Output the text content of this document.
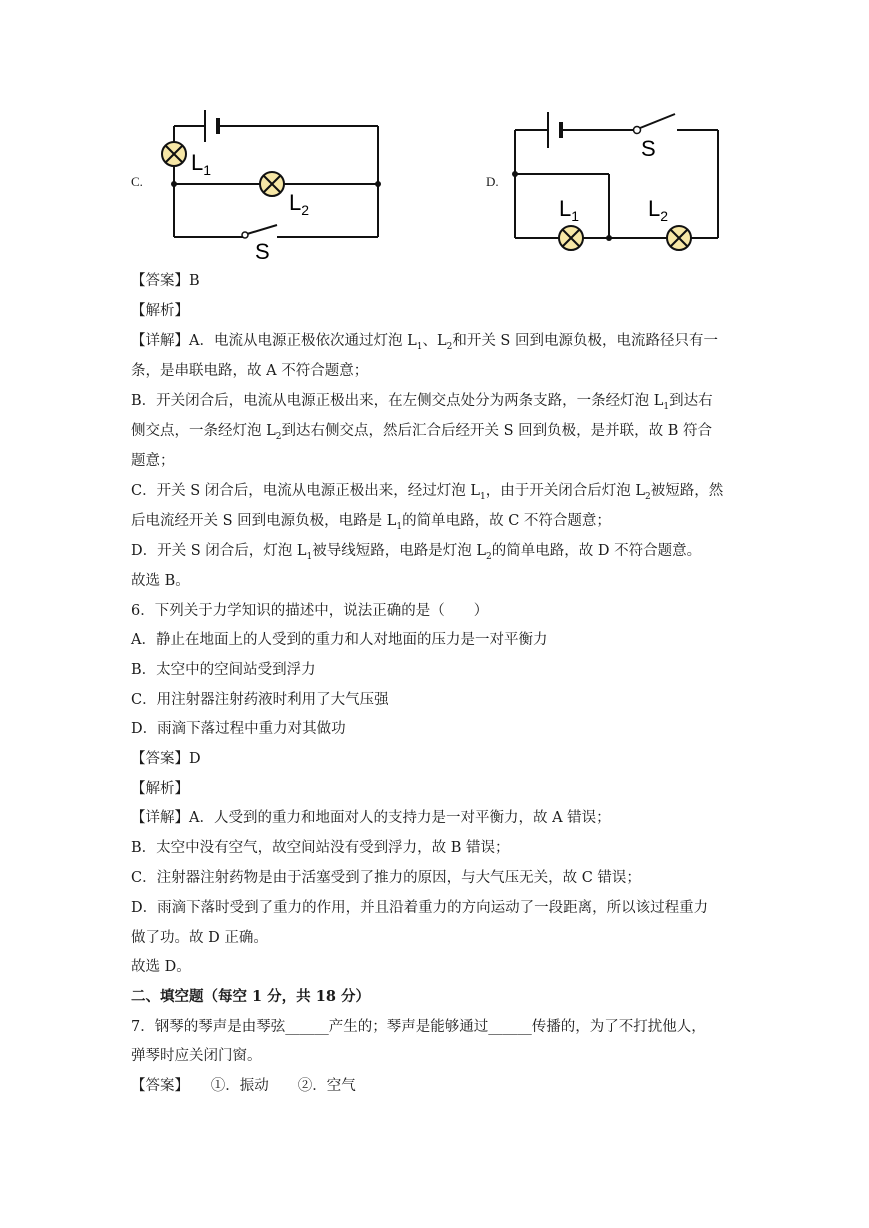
C.
$L_1$
$L_2$
S
D.
S
$L_1$	$L_2$
【答案】B
【解析】
【详解】A．电流从电源正极依次通过灯泡 $L_1$、$L_2$和开关 S 回到电源负极，电流路径只有一
条，是串联电路，故 A 不符合题意；
B．开关闭合后，电流从电源正极出来，在左侧交点处分为两条支路，一条经灯泡 $L_1$到达右
侧交点，一条经灯泡 $L_2$到达右侧交点，然后汇合后经开关 S 回到负极，是并联，故 B 符合
题意；
C．开关 S 闭合后，电流从电源正极出来，经过灯泡 $L_1$，由于开关闭合后灯泡 $L_2$被短路，然
后电流经开关 S 回到电源负极，电路是 $L_1$的简单电路，故 C 不符合题意；
D．开关 S 闭合后，灯泡 $L_1$被导线短路，电路是灯泡 $L_2$的简单电路，故 D 不符合题意。
故选 B。
6．下列关于力学知识的描述中，说法正确的是（　　）
A．静止在地面上的人受到的重力和人对地面的压力是一对平衡力
B．太空中的空间站受到浮力
C．用注射器注射药液时利用了大气压强
D．雨滴下落过程中重力对其做功
【答案】D
【解析】
【详解】A．人受到的重力和地面对人的支持力是一对平衡力，故 A 错误；
B．太空中没有空气，故空间站没有受到浮力，故 B 错误；
C．注射器注射药物是由于活塞受到了推力的原因，与大气压无关，故 C 错误；
D．雨滴下落时受到了重力的作用，并且沿着重力的方向运动了一段距离，所以该过程重力
做了功。故 D 正确。
故选 D。
二、填空题（每空 1 分，共 18 分）
7．钢琴的琴声是由琴弦______产生的；琴声是能够通过______传播的，为了不打扰他人，
弹琴时应关闭门窗。
【答案】　　①．振动　　②．空气
